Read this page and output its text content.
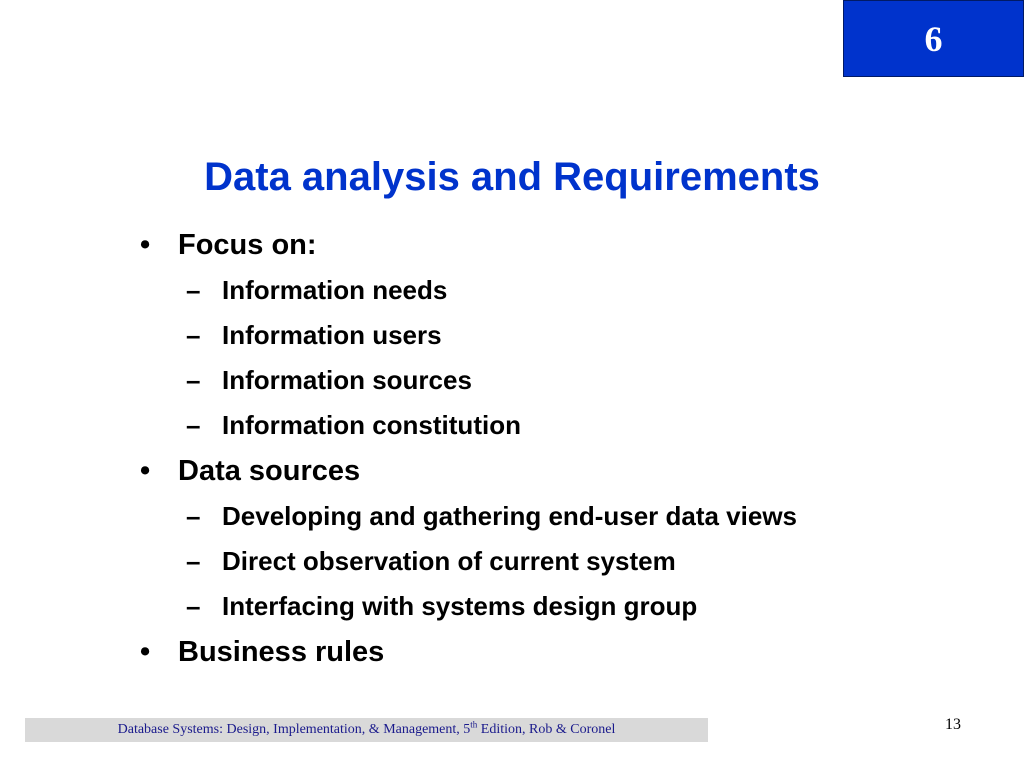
6
Data analysis and Requirements
• Focus on:
– Information needs
– Information users
– Information sources
– Information constitution
• Data sources
– Developing and gathering end-user data views
– Direct observation of current system
– Interfacing with systems design group
• Business rules
Database Systems: Design, Implementation, & Management, 5th Edition, Rob & Coronel	13
